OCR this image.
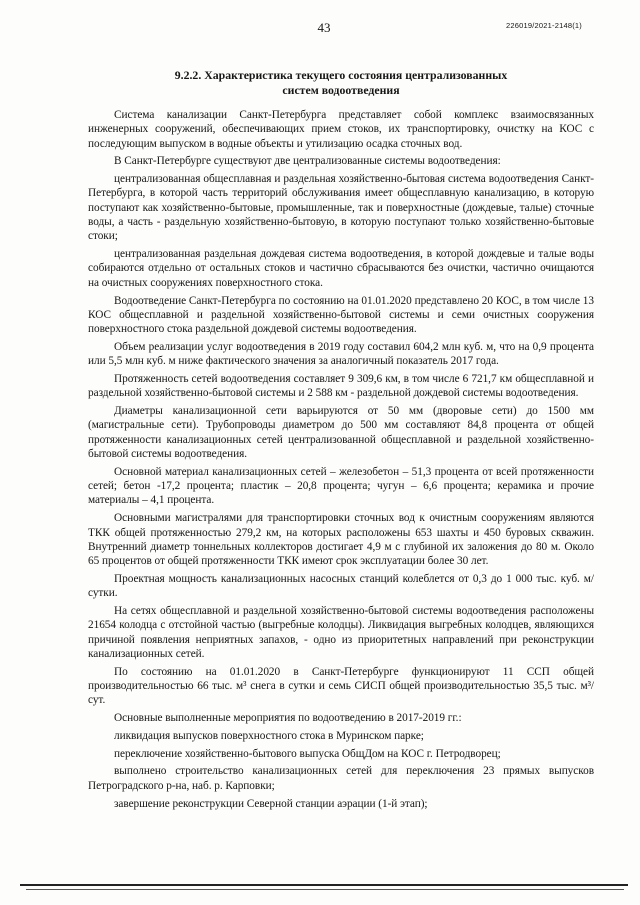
43	226019/2021-2148(1)
9.2.2. Характеристика текущего состояния централизованных
систем водоотведения

Система канализации Санкт-Петербурга представляет собой комплекс взаимосвязанных инженерных сооружений, обеспечивающих прием стоков, их транспортировку, очистку на КОС с последующим выпуском в водные объекты и утилизацию осадка сточных вод.

В Санкт-Петербурге существуют две централизованные системы водоотведения:

централизованная общесплавная и раздельная хозяйственно-бытовая система водоотведения Санкт-Петербурга, в которой часть территорий обслуживания имеет общесплавную канализацию, в которую поступают как хозяйственно-бытовые, промышленные, так и поверхностные (дождевые, талые) сточные воды, а часть - раздельную хозяйственно-бытовую, в которую поступают только хозяйственно-бытовые стоки;

централизованная раздельная дождевая система водоотведения, в которой дождевые и талые воды собираются отдельно от остальных стоков и частично сбрасываются без очистки, частично очищаются на очистных сооружениях поверхностного стока.

Водоотведение Санкт-Петербурга по состоянию на 01.01.2020 представлено 20 КОС, в том числе 13 КОС общесплавной и раздельной хозяйственно-бытовой системы и семи очистных сооружения поверхностного стока раздельной дождевой системы водоотведения.

Объем реализации услуг водоотведения в 2019 году составил 604,2 млн куб. м, что на 0,9 процента или 5,5 млн куб. м ниже фактического значения за аналогичный показатель 2017 года.

Протяженность сетей водоотведения составляет 9 309,6 км, в том числе 6 721,7 км общесплавной и раздельной хозяйственно-бытовой системы и 2 588 км - раздельной дождевой системы водоотведения.

Диаметры канализационной сети варьируются от 50 мм (дворовые сети) до 1500 мм (магистральные сети). Трубопроводы диаметром до 500 мм составляют 84,8 процента от общей протяженности канализационных сетей централизованной общесплавной и раздельной хозяйственно-бытовой системы водоотведения.

Основной материал канализационных сетей – железобетон – 51,3 процента от всей протяженности сетей; бетон -17,2 процента; пластик – 20,8 процента; чугун – 6,6 процента; керамика и прочие материалы – 4,1 процента.

Основными магистралями для транспортировки сточных вод к очистным сооружениям являются ТКК общей протяженностью 279,2 км, на которых расположены 653 шахты и 450 буровых скважин. Внутренний диаметр тоннельных коллекторов достигает 4,9 м с глубиной их заложения до 80 м. Около 65 процентов от общей протяженности ТКК имеют срок эксплуатации более 30 лет.

Проектная мощность канализационных насосных станций колеблется от 0,3 до 1 000 тыс. куб. м/сутки.

На сетях общесплавной и раздельной хозяйственно-бытовой системы водоотведения расположены 21654 колодца с отстойной частью (выгребные колодцы). Ликвидация выгребных колодцев, являющихся причиной появления неприятных запахов, - одно из приоритетных направлений при реконструкции канализационных сетей.

По состоянию на 01.01.2020 в Санкт-Петербурге функционируют 11 ССП общей производительностью 66 тыс. м³ снега в сутки и семь СИСП общей производительностью 35,5 тыс. м³/сут.

Основные выполненные мероприятия по водоотведению в 2017-2019 гг.:

ликвидация выпусков поверхностного стока в Муринском парке;

переключение хозяйственно-бытового выпуска ОбщДом на КОС г. Петродворец;

выполнено строительство канализационных сетей для переключения 23 прямых выпусков Петроградского р-на, наб. р. Карповки;

завершение реконструкции Северной станции аэрации (1-й этап);
